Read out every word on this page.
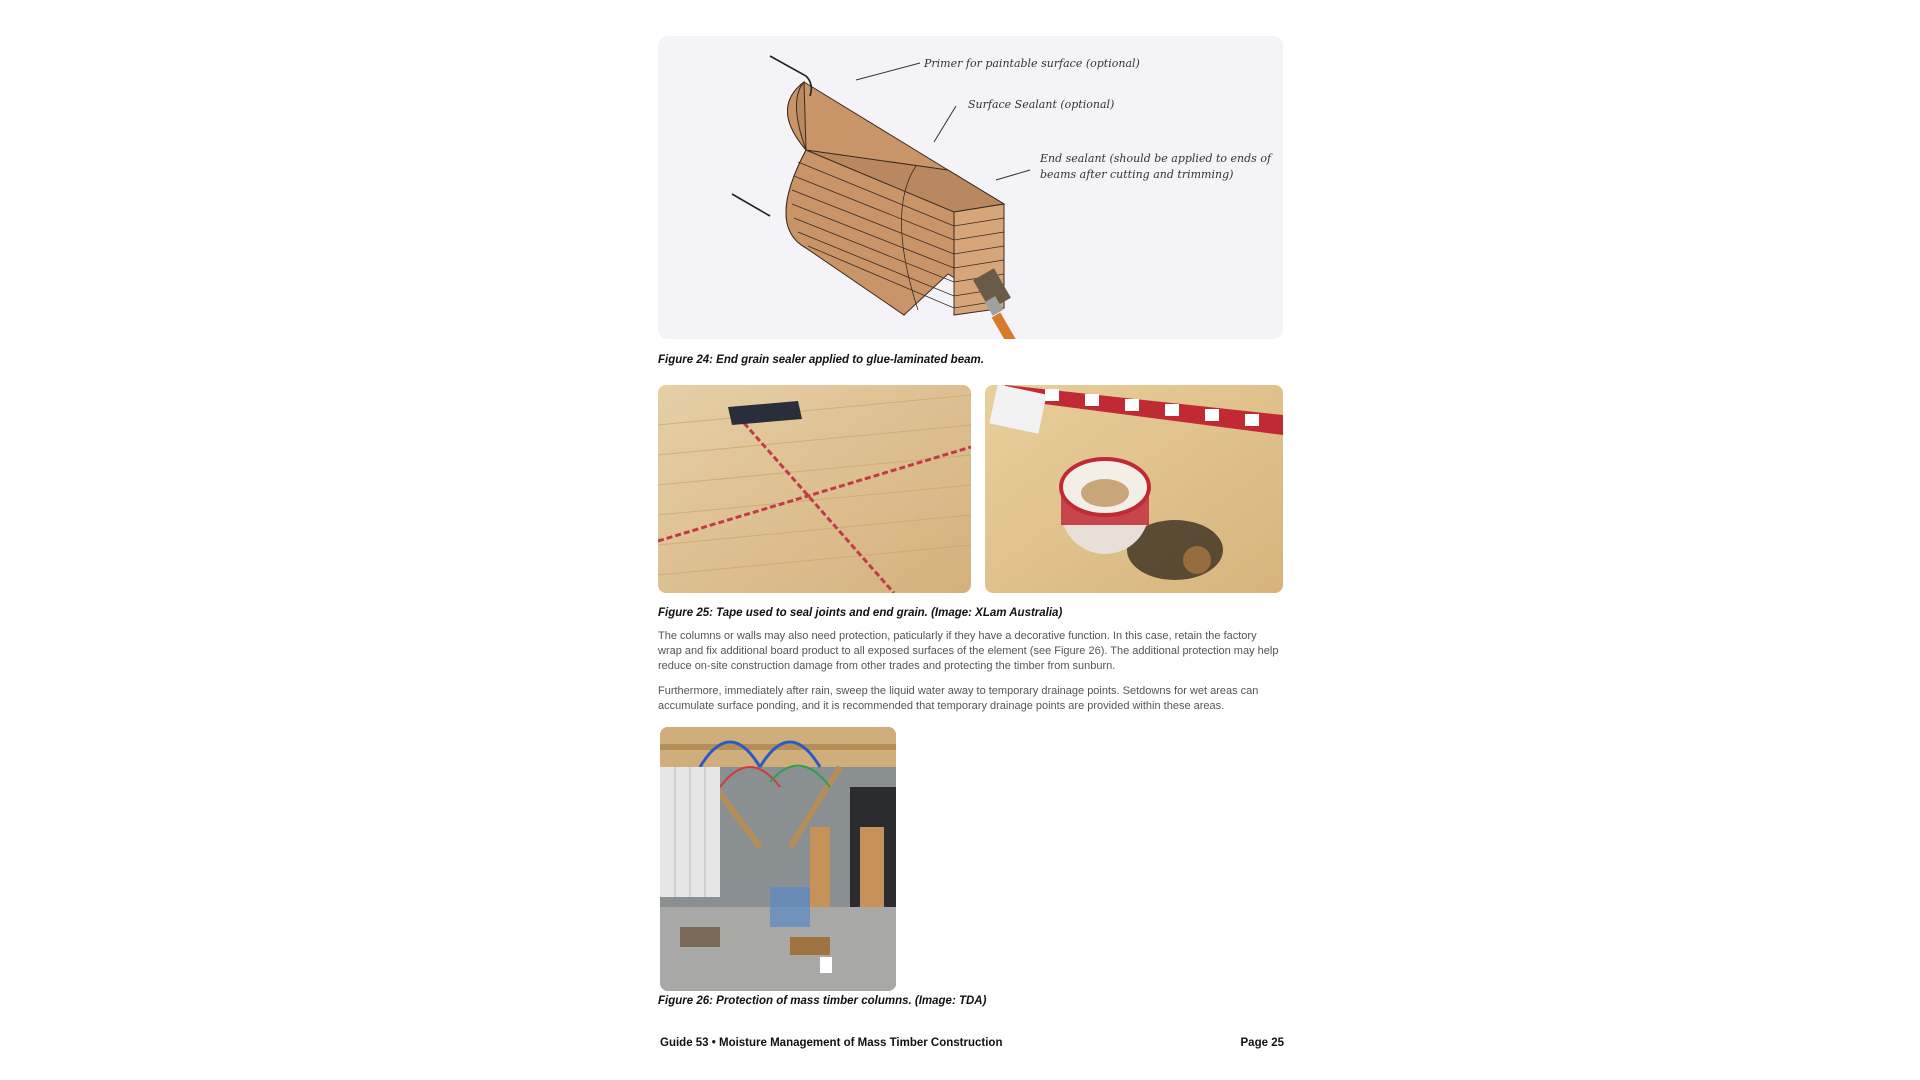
Primer for paintable surface (optional)
Surface Sealant (optional)
End sealant (should be applied to ends of
beams after cutting and trimming)
Figure 24: End grain sealer applied to glue-laminated beam.
Figure 25: Tape used to seal joints and end grain. (Image: XLam Australia)

The columns or walls may also need protection, paticularly if they have a decorative function. In this case, retain the factory wrap and fix additional board product to all exposed surfaces of the element (see Figure 26). The additional protection may help reduce on-site construction damage from other trades and protecting the timber from sunburn.

Furthermore, immediately after rain, sweep the liquid water away to temporary drainage points. Setdowns for wet areas can accumulate surface ponding, and it is recommended that temporary drainage points are provided within these areas.

Figure 26: Protection of mass timber columns. (Image: TDA)
Guide 53 • Moisture Management of Mass Timber Construction	Page 25
